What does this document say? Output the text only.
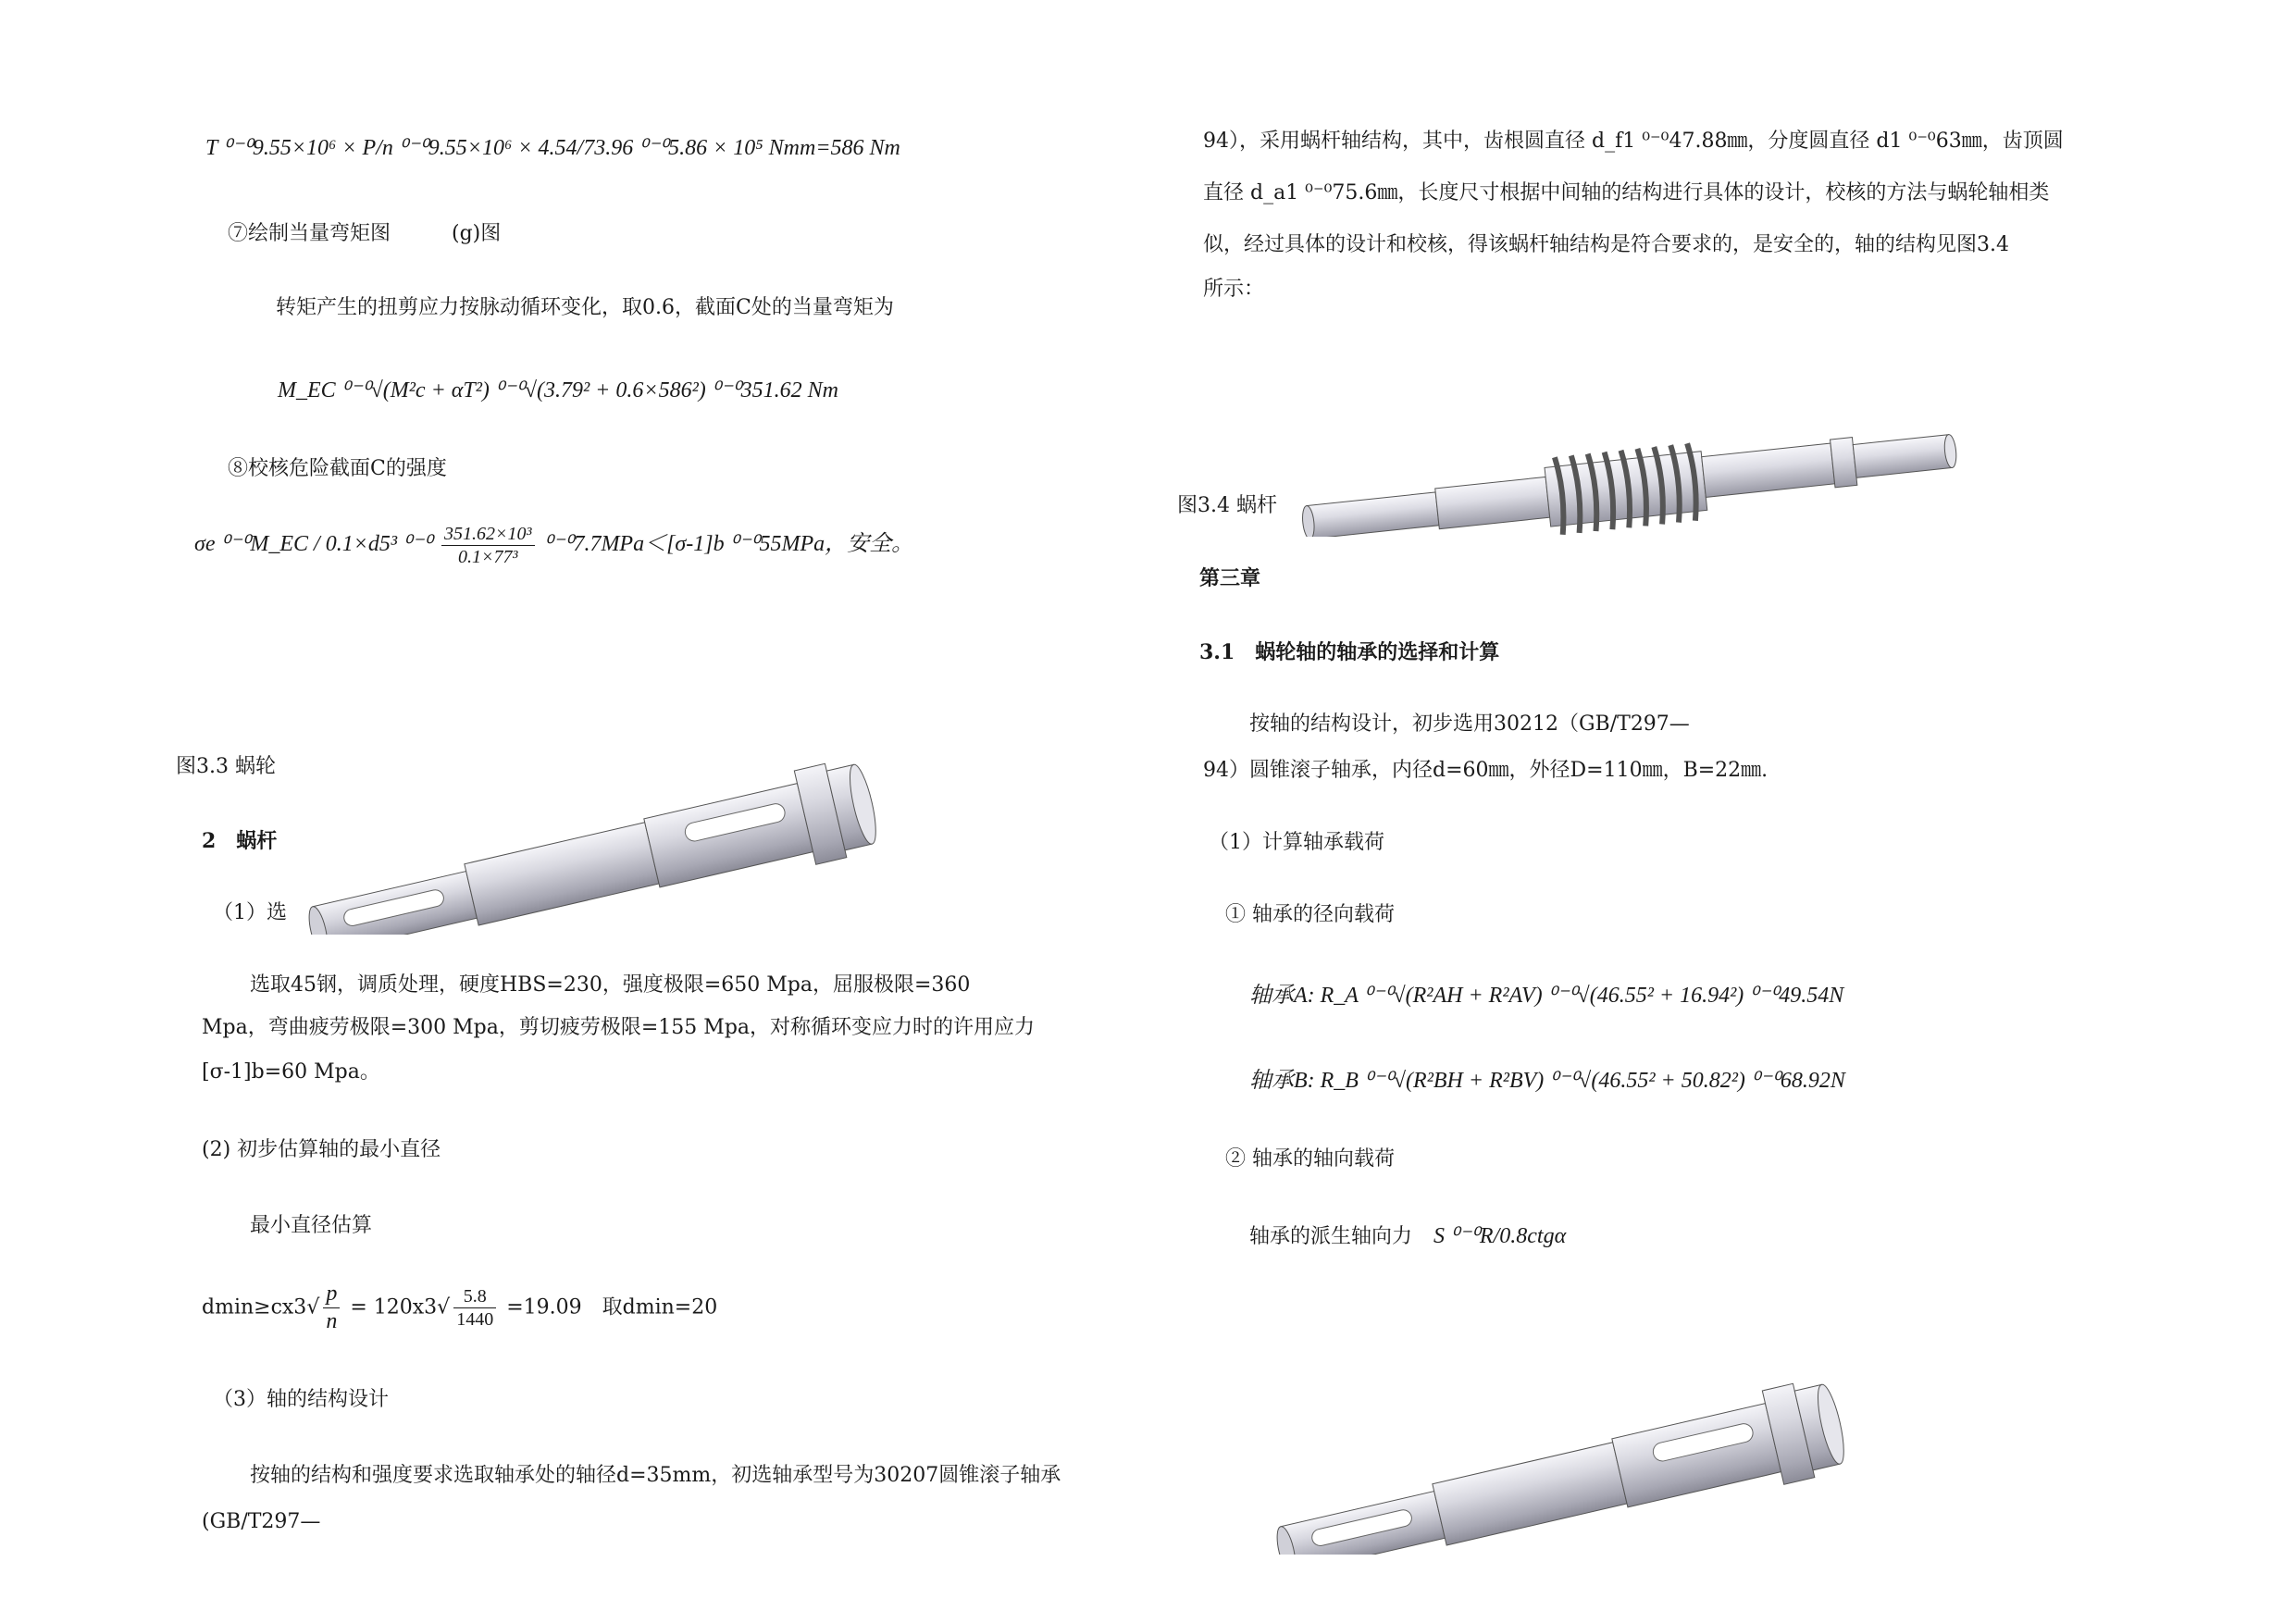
T ⁰⁻⁰9.55×10⁶ × P/n ⁰⁻⁰9.55×10⁶ × 4.54/73.96 ⁰⁻⁰5.86 × 10⁵ Nmm=586 Nm
⑦绘制当量弯矩图　　　(g)图
转矩产生的扭剪应力按脉动循环变化，取0.6，截面C处的当量弯矩为
M_EC ⁰⁻⁰√(M²c + αT²) ⁰⁻⁰√(3.79² + 0.6×586²) ⁰⁻⁰351.62 Nm
⑧校核危险截面C的强度
σe ⁰⁻⁰M_EC / 0.1×d5³ $^{0-0} \frac{\text{351.62×10³}}{\text{0.1×77³}} ^{0-0}7.7MPa<[\sigma-1]b$ ⁰⁻⁰55MPa，安全。
图3.3 蜗轮
2　蜗杆
（1）选
选取45钢，调质处理，硬度HBS=230，强度极限=650 Mpa，屈服极限=360
Mpa，弯曲疲劳极限=300 Mpa，剪切疲劳极限=155 Mpa，对称循环变应力时的许用应力
[σ-1]b=60 Mpa。
(2) 初步估算轴的最小直径
最小直径估算
$dmin\ge cx3√ \frac{p}{n} = 120x3√ \frac{5.8}{1440} =19.09$　取dmin=20
（3）轴的结构设计
按轴的结构和强度要求选取轴承处的轴径d=35mm，初选轴承型号为30207圆锥滚子轴承
(GB/T297—
94），采用蜗杆轴结构，其中，齿根圆直径 d_f1 ⁰⁻⁰47.88㎜，分度圆直径 d1 ⁰⁻⁰63㎜，齿顶圆
直径 d_a1 ⁰⁻⁰75.6㎜，长度尺寸根据中间轴的结构进行具体的设计，校核的方法与蜗轮轴相类
似，经过具体的设计和校核，得该蜗杆轴结构是符合要求的，是安全的，轴的结构见图3.4
所示：
图3.4 蜗杆
第三章
3.1　蜗轮轴的轴承的选择和计算
按轴的结构设计，初步选用30212（GB/T297—
94）圆锥滚子轴承，内径d=60㎜，外径D=110㎜，B=22㎜.
（1）计算轴承载荷
① 轴承的径向载荷
轴承A: R_A ⁰⁻⁰√(R²AH + R²AV) ⁰⁻⁰√(46.55² + 16.94²) ⁰⁻⁰49.54N
轴承B: R_B ⁰⁻⁰√(R²BH + R²BV) ⁰⁻⁰√(46.55² + 50.82²) ⁰⁻⁰68.92N
② 轴承的轴向载荷
轴承的派生轴向力 S ⁰⁻⁰R/0.8ctgα
